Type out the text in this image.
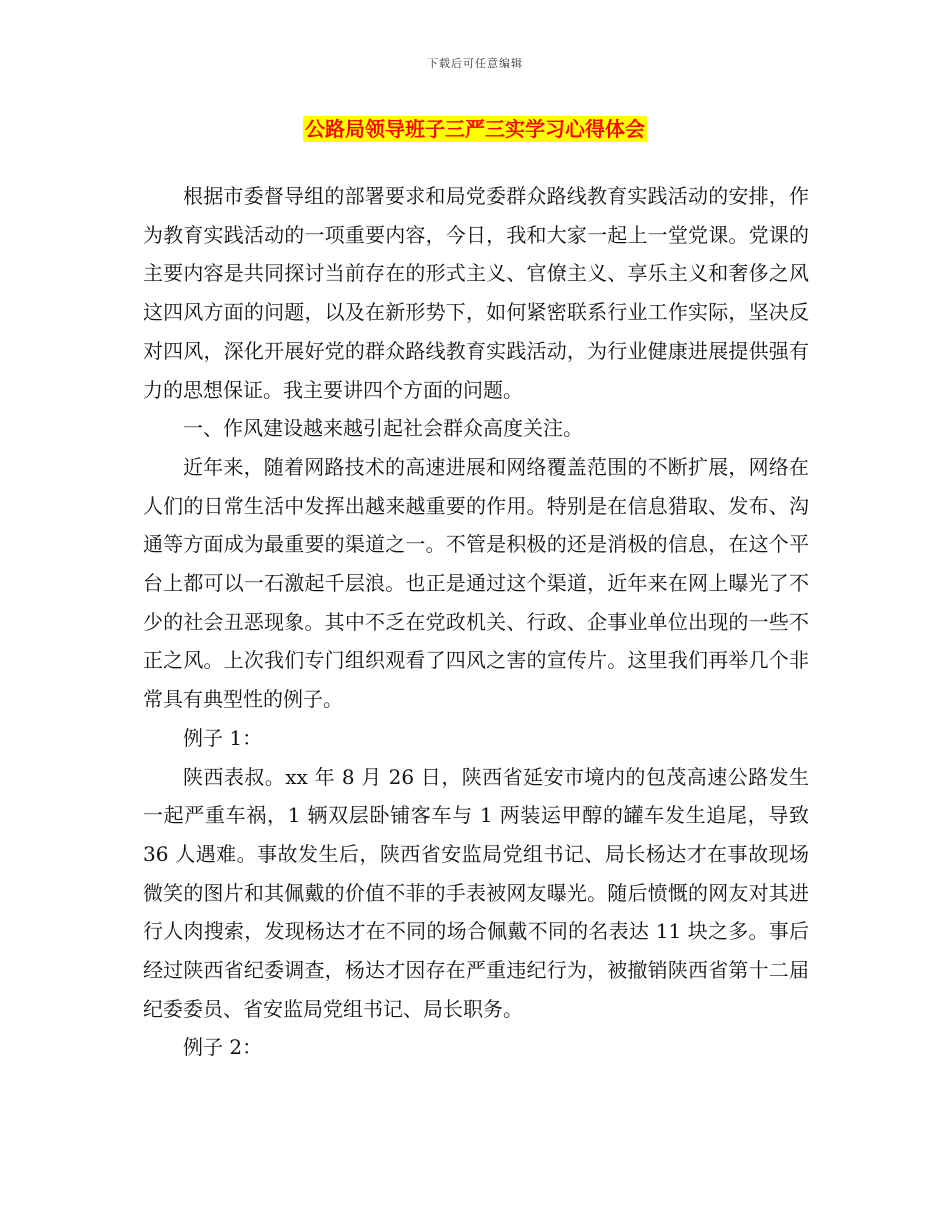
下载后可任意编辑
公路局领导班子三严三实学习心得体会

根据市委督导组的部署要求和局党委群众路线教育实践活动的安排，作为教育实践活动的一项重要内容，今日，我和大家一起上一堂党课。党课的主要内容是共同探讨当前存在的形式主义、官僚主义、享乐主义和奢侈之风这四风方面的问题，以及在新形势下，如何紧密联系行业工作实际，坚决反对四风，深化开展好党的群众路线教育实践活动，为行业健康进展提供强有力的思想保证。我主要讲四个方面的问题。

一、作风建设越来越引起社会群众高度关注。

近年来，随着网路技术的高速进展和网络覆盖范围的不断扩展，网络在人们的日常生活中发挥出越来越重要的作用。特别是在信息猎取、发布、沟通等方面成为最重要的渠道之一。不管是积极的还是消极的信息，在这个平台上都可以一石激起千层浪。也正是通过这个渠道，近年来在网上曝光了不少的社会丑恶现象。其中不乏在党政机关、行政、企事业单位出现的一些不正之风。上次我们专门组织观看了四风之害的宣传片。这里我们再举几个非常具有典型性的例子。

例子 1：

陕西表叔。xx 年 8 月 26 日，陕西省延安市境内的包茂高速公路发生一起严重车祸，1 辆双层卧铺客车与 1 两装运甲醇的罐车发生追尾，导致 36 人遇难。事故发生后，陕西省安监局党组书记、局长杨达才在事故现场微笑的图片和其佩戴的价值不菲的手表被网友曝光。随后愤慨的网友对其进行人肉搜索，发现杨达才在不同的场合佩戴不同的名表达 11 块之多。事后经过陕西省纪委调查，杨达才因存在严重违纪行为，被撤销陕西省第十二届纪委委员、省安监局党组书记、局长职务。

例子 2：
